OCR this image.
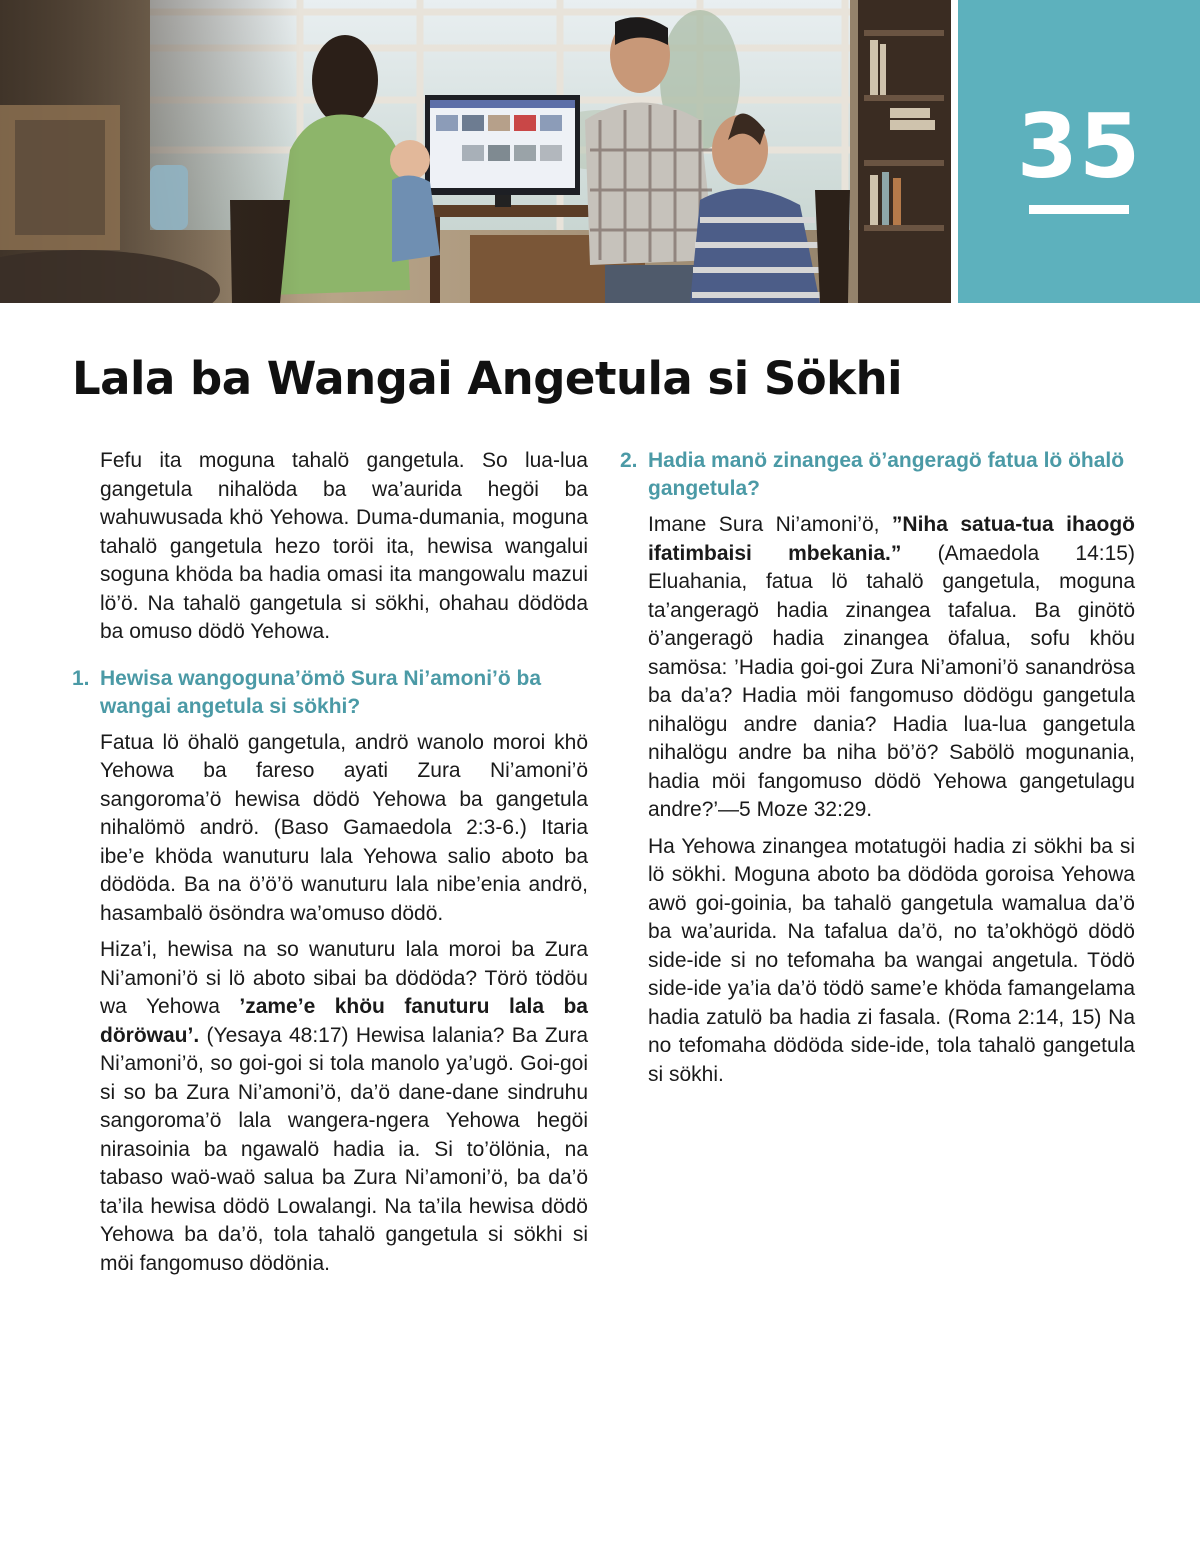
35
Lala ba Wangai Angetula si Sökhi

Fefu ita moguna tahalö gangetula. So lua-lua gangetula nihalöda ba wa’aurida hegöi ba wahuwusada khö Yehowa. Duma-dumania, moguna tahalö gangetula hezo toröi ita, hewisa wangalui soguna khöda ba hadia omasi ita mangowalu mazui lö’ö. Na tahalö gangetula si sökhi, ohahau dödöda ba omuso dödö Yehowa.

1. Hewisa wangoguna’ömö Sura Ni’amoni’ö ba wangai angetula si sökhi?

Fatua lö öhalö gangetula, andrö wanolo moroi khö Yehowa ba fareso ayati Zura Ni’amoni’ö sangoroma’ö hewisa dödö Yehowa ba gangetula nihalömö andrö. (Baso Gamaedola 2:3-6.) Itaria ibe’e khöda wanuturu lala Yehowa salio aboto ba dödöda. Ba na ö’ö’ö wanuturu lala nibe’enia andrö, hasambalö ösöndra wa’omuso dödö.

Hiza’i, hewisa na so wanuturu lala moroi ba Zura Ni’amoni’ö si lö aboto sibai ba dödöda? Törö tödöu wa Yehowa ’zame’e khöu fanuturu lala ba döröwau’. (Yesaya 48:17) Hewisa lalania? Ba Zura Ni’amoni’ö, so goi-goi si tola manolo ya’ugö. Goi-goi si so ba Zura Ni’amoni’ö, da’ö dane-dane sindruhu sangoroma’ö lala wangera-ngera Yehowa hegöi nirasoinia ba ngawalö hadia ia. Si to’ölönia, na tabaso waö-waö salua ba Zura Ni’amoni’ö, ba da’ö ta’ila hewisa dödö Lowalangi. Na ta’ila hewisa dödö Yehowa ba da’ö, tola tahalö gangetula si sökhi si möi fangomuso dödönia.

2. Hadia manö zinangea ö’angeragö fatua lö öhalö gangetula?

Imane Sura Ni’amoni’ö, ”Niha satua-tua ihaogö ifatimbaisi mbekania.” (Amaedola 14:15) Eluahania, fatua lö tahalö gangetula, moguna ta’angeragö hadia zinangea tafalua. Ba ginötö ö’angeragö hadia zinangea öfalua, sofu khöu samösa: ’Hadia goi-goi Zura Ni’amoni’ö sanandrösa ba da’a? Hadia möi fangomuso dödögu gangetula nihalögu andre dania? Hadia lua-lua gangetula nihalögu andre ba niha bö’ö? Sabölö mogunania, hadia möi fangomuso dödö Yehowa gangetulagu andre?’—5 Moze 32:29.

Ha Yehowa zinangea motatugöi hadia zi sökhi ba si lö sökhi. Moguna aboto ba dödöda goroisa Yehowa awö goi-goinia, ba tahalö gangetula wamalua da’ö ba wa’aurida. Na tafalua da’ö, no ta’okhögö dödö side-ide si no tefomaha ba wangai angetula. Tödö side-ide ya’ia da’ö tödö same’e khöda famangelama hadia zatulö ba hadia zi fasala. (Roma 2:14, 15) Na no tefomaha dödöda side-ide, tola tahalö gangetula si sökhi.
